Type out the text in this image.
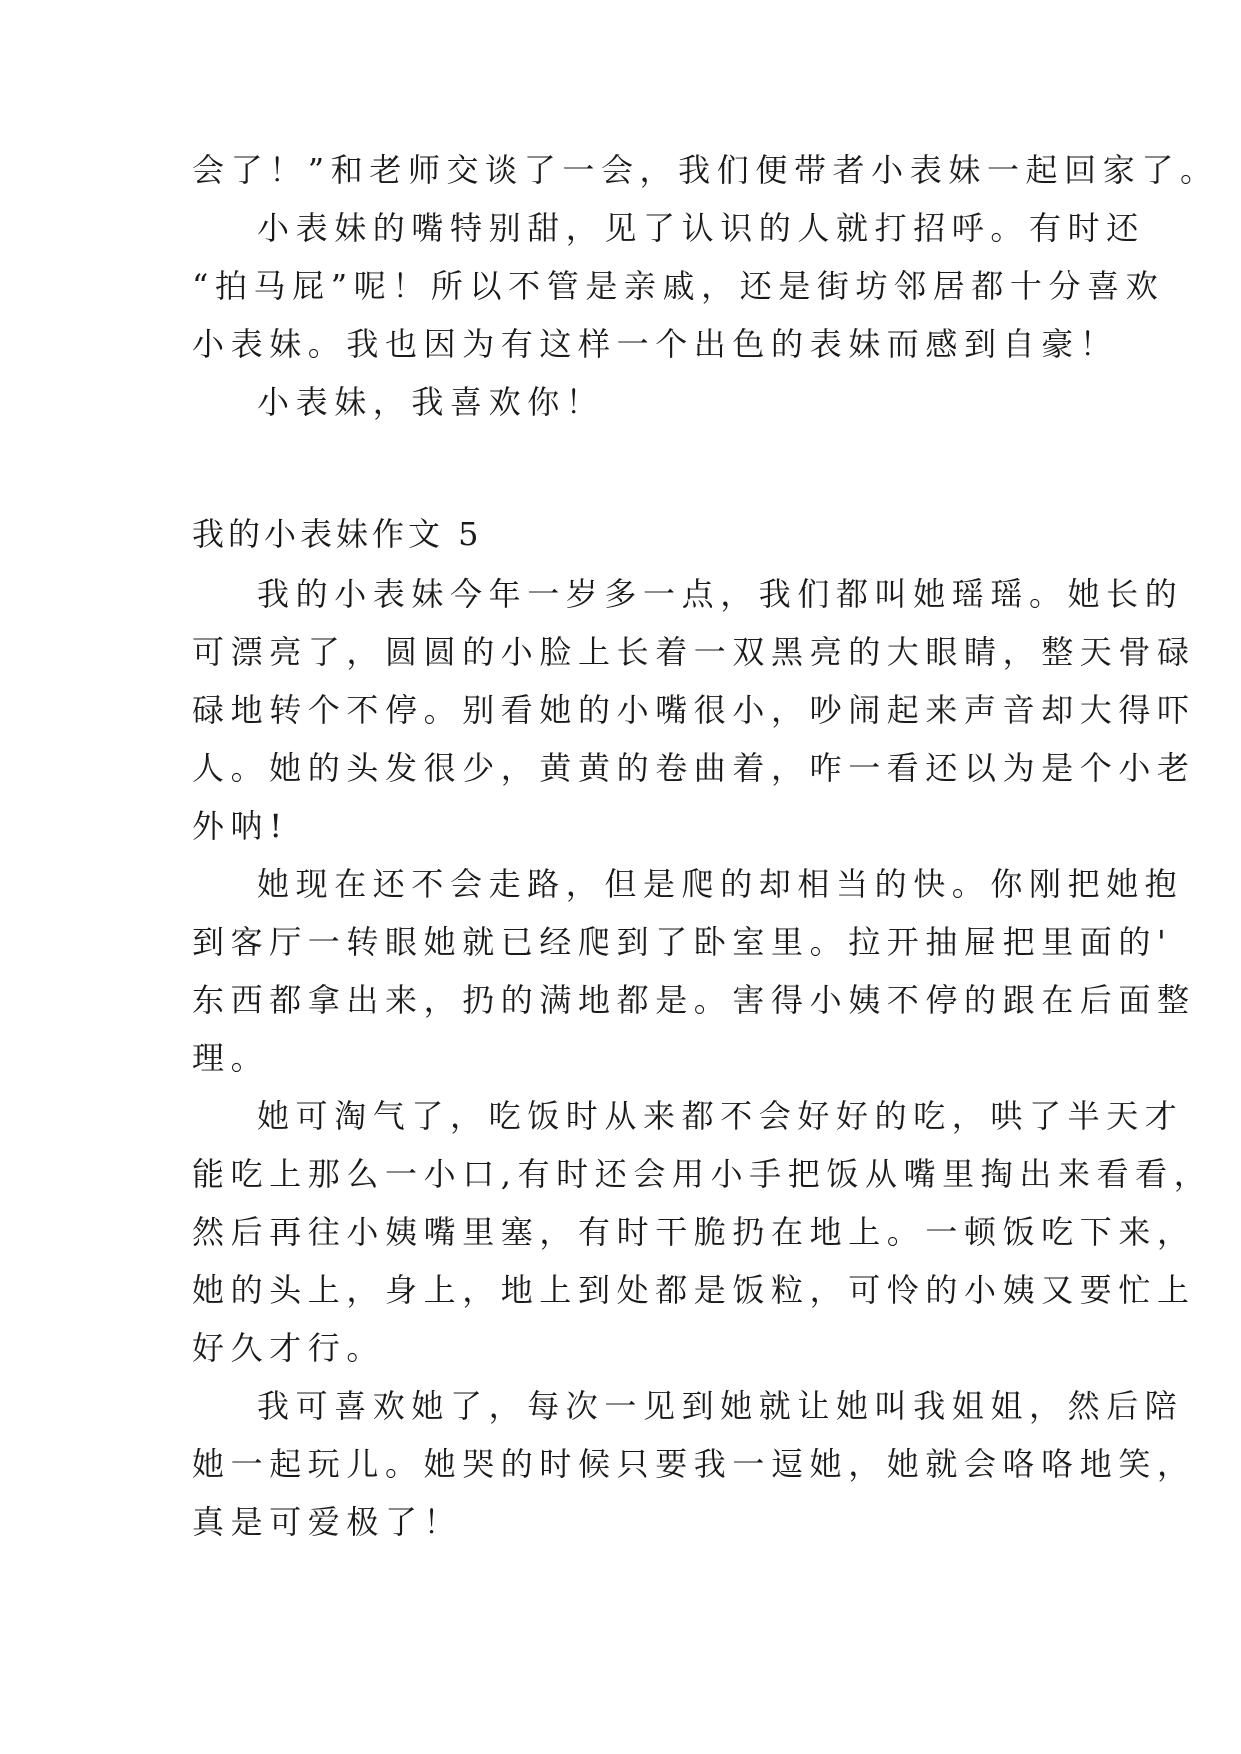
会了！”和老师交谈了一会，我们便带者小表妹一起回家了。

小表妹的嘴特别甜，见了认识的人就打招呼。有时还

“拍马屁”呢！所以不管是亲戚，还是街坊邻居都十分喜欢

小表妹。我也因为有这样一个出色的表妹而感到自豪！

小表妹，我喜欢你！

我的小表妹作文 5

我的小表妹今年一岁多一点，我们都叫她瑶瑶。她长的

可漂亮了，圆圆的小脸上长着一双黑亮的大眼睛，整天骨碌

碌地转个不停。别看她的小嘴很小，吵闹起来声音却大得吓

人。她的头发很少，黄黄的卷曲着，咋一看还以为是个小老

外呐!

她现在还不会走路，但是爬的却相当的快。你刚把她抱

到客厅一转眼她就已经爬到了卧室里。拉开抽屉把里面的'

东西都拿出来，扔的满地都是。害得小姨不停的跟在后面整

理。

她可淘气了，吃饭时从来都不会好好的吃，哄了半天才

能吃上那么一小口,有时还会用小手把饭从嘴里掏出来看看，

然后再往小姨嘴里塞，有时干脆扔在地上。一顿饭吃下来，

她的头上，身上，地上到处都是饭粒，可怜的小姨又要忙上

好久才行。

我可喜欢她了，每次一见到她就让她叫我姐姐，然后陪

她一起玩儿。她哭的时候只要我一逗她，她就会咯咯地笑，

真是可爱极了！
